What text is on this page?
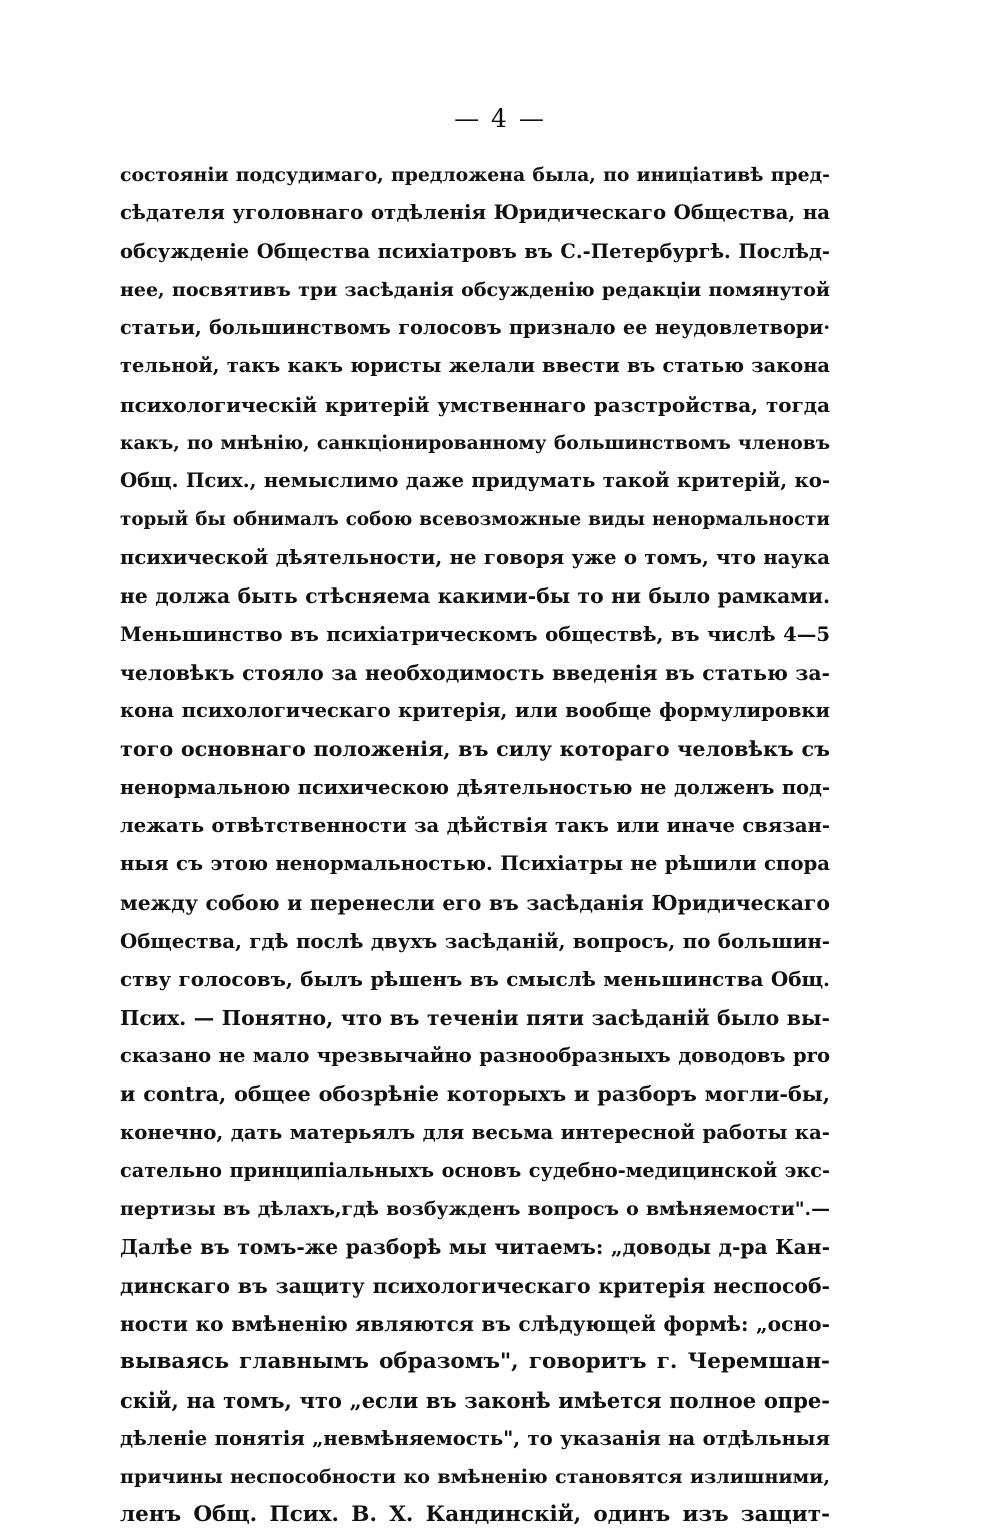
— 4 —
состояніи подсудимаго, предложена была, по иниціативѣ пред-
сѣдателя уголовнаго отдѣленія Юридическаго Общества, на
обсужденіе Общества психіатровъ въ С.-Петербургѣ. Послѣд-
нее, посвятивъ три засѣданія обсужденію редакціи помянутой
статьи, большинствомъ голосовъ признало ее неудовлетвори·
тельной, такъ какъ юристы желали ввести въ статью закона
психологическій критерій умственнаго разстройства, тогда
какъ, по мнѣнію, санкціонированному большинствомъ членовъ
Общ. Псих., немыслимо даже придумать такой критерій, ко-
торый бы обнималъ собою всевозможные виды ненормальности
психической дѣятельности, не говоря уже о томъ, что наука
не должа быть стѣсняема какими-бы то ни было рамками.
Меньшинство въ психіатрическомъ обществѣ, въ числѣ 4—5
человѣкъ стояло за необходимость введенія въ статью за-
кона психологическаго критерія, или вообще формулировки
того основнаго положенія, въ силу котораго человѣкъ съ
ненормальною психическою дѣятельностью не долженъ под-
лежать отвѣтственности за дѣйствія такъ или иначе связан-
ныя съ этою ненормальностью. Психіатры не рѣшили спора
между собою и перенесли его въ засѣданія Юридическаго
Общества, гдѣ послѣ двухъ засѣданій, вопросъ, по большин-
ству голосовъ, былъ рѣшенъ въ смыслѣ меньшинства Общ.
Псих. — Понятно, что въ теченіи пяти засѣданій было вы-
сказано не мало чрезвычайно разнообразныхъ доводовъ pro
и contra, общее обозрѣніе которыхъ и разборъ могли-бы,
конечно, дать матерьялъ для весьма интересной работы ка-
сательно принципіальныхъ основъ судебно-медицинской экс-
пертизы въ дѣлахъ,гдѣ возбужденъ вопросъ о вмѣняемости".—
Далѣе въ томъ-же разборѣ мы читаемъ: „доводы д-ра Кан-
динскаго въ защиту психологическаго критерія неспособ-
ности ко вмѣненію являются въ слѣдующей формѣ: „осно-
вываясь главнымъ образомъ", говоритъ г. Черемшан-
скій, на томъ, что „если въ законѣ имѣется полное опре-
дѣленіе понятія „невмѣняемость", то указанія на отдѣльныя
причины неспособности ко вмѣненію становятся излишними,
ленъ Общ. Псих. В. Х. Кандинскій, одинъ изъ защит-
